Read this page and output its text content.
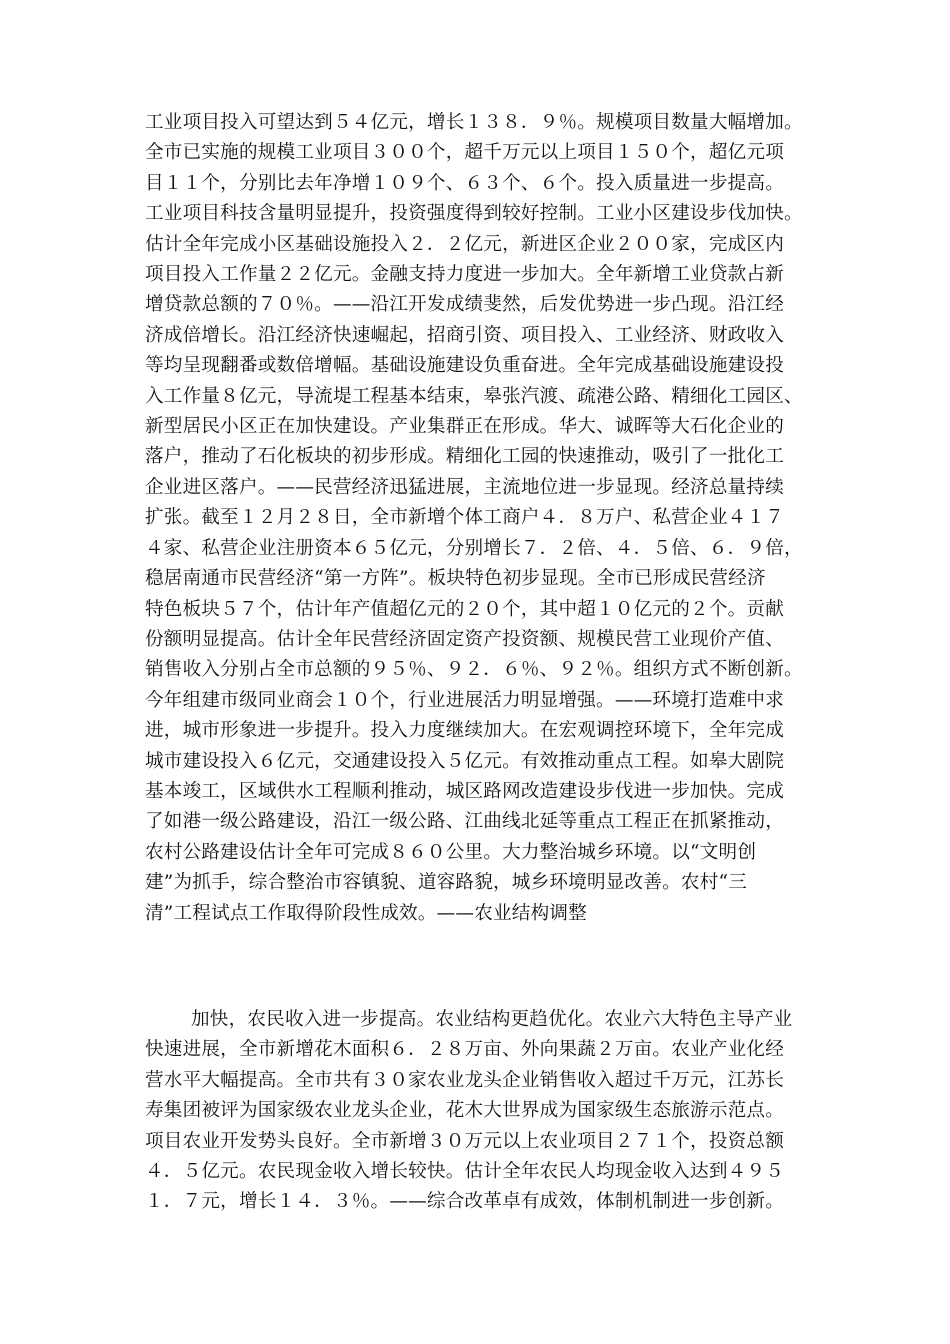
工业项目投入可望达到５４亿元，增长１３８．９％。规模项目数量大幅增加。
全市已实施的规模工业项目３００个，超千万元以上项目１５０个，超亿元项
目１１个，分别比去年净增１０９个、６３个、６个。投入质量进一步提高。
工业项目科技含量明显提升，投资强度得到较好控制。工业小区建设步伐加快。
估计全年完成小区基础设施投入２．２亿元，新进区企业２００家，完成区内
项目投入工作量２２亿元。金融支持力度进一步加大。全年新增工业贷款占新
增贷款总额的７０％。——沿江开发成绩斐然，后发优势进一步凸现。沿江经
济成倍增长。沿江经济快速崛起，招商引资、项目投入、工业经济、财政收入
等均呈现翻番或数倍增幅。基础设施建设负重奋进。全年完成基础设施建设投
入工作量８亿元，导流堤工程基本结束，皋张汽渡、疏港公路、精细化工园区、
新型居民小区正在加快建设。产业集群正在形成。华大、诚晖等大石化企业的
落户，推动了石化板块的初步形成。精细化工园的快速推动，吸引了一批化工
企业进区落户。——民营经济迅猛进展，主流地位进一步显现。经济总量持续
扩张。截至１２月２８日，全市新增个体工商户４．８万户、私营企业４１７
４家、私营企业注册资本６５亿元，分别增长７．２倍、４．５倍、６．９倍，
稳居南通市民营经济“第一方阵”。板块特色初步显现。全市已形成民营经济
特色板块５７个，估计年产值超亿元的２０个，其中超１０亿元的２个。贡献
份额明显提高。估计全年民营经济固定资产投资额、规模民营工业现价产值、
销售收入分别占全市总额的９５％、９２．６％、９２％。组织方式不断创新。
今年组建市级同业商会１０个，行业进展活力明显增强。——环境打造难中求
进，城市形象进一步提升。投入力度继续加大。在宏观调控环境下，全年完成
城市建设投入６亿元，交通建设投入５亿元。有效推动重点工程。如皋大剧院
基本竣工，区域供水工程顺利推动，城区路网改造建设步伐进一步加快。完成
了如港一级公路建设，沿江一级公路、江曲线北延等重点工程正在抓紧推动，
农村公路建设估计全年可完成８６０公里。大力整治城乡环境。以“文明创
建”为抓手，综合整治市容镇貌、道容路貌，城乡环境明显改善。农村“三
清”工程试点工作取得阶段性成效。——农业结构调整
加快，农民收入进一步提高。农业结构更趋优化。农业六大特色主导产业
快速进展，全市新增花木面积６．２８万亩、外向果蔬２万亩。农业产业化经
营水平大幅提高。全市共有３０家农业龙头企业销售收入超过千万元，江苏长
寿集团被评为国家级农业龙头企业，花木大世界成为国家级生态旅游示范点。
项目农业开发势头良好。全市新增３０万元以上农业项目２７１个，投资总额
４．５亿元。农民现金收入增长较快。估计全年农民人均现金收入达到４９５
１．７元，增长１４．３％。——综合改革卓有成效，体制机制进一步创新。
